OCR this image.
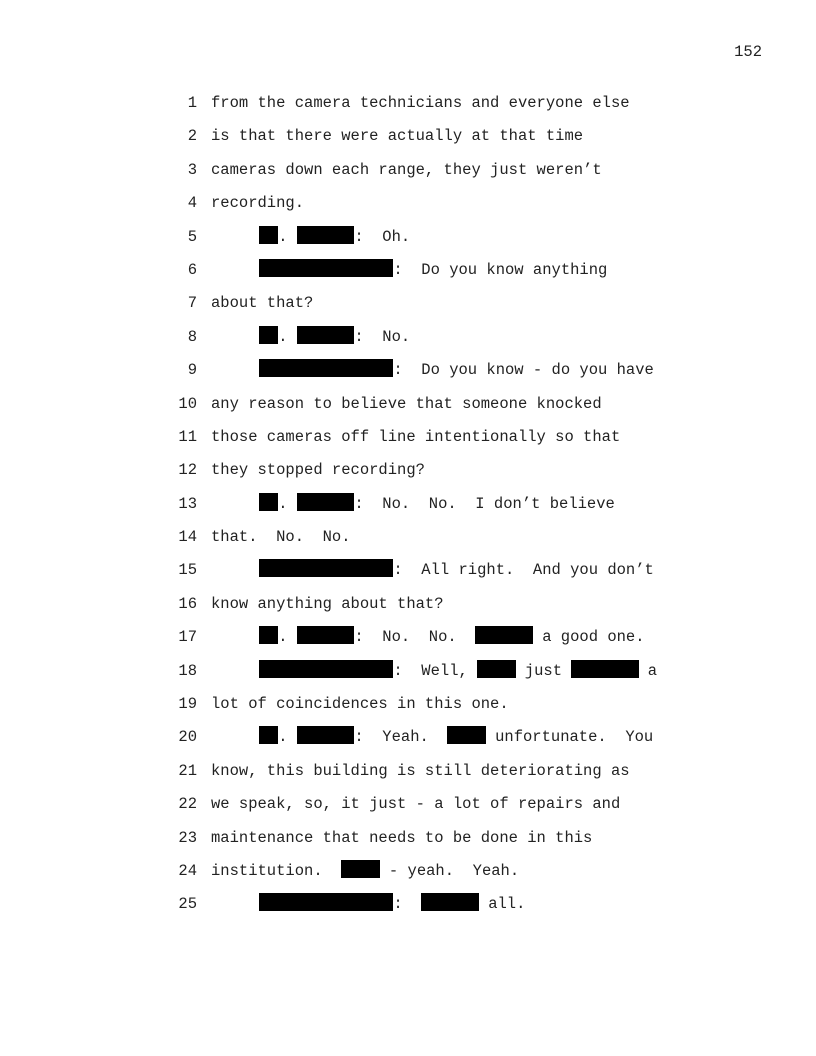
152
1 from the camera technicians and everyone else
2 is that there were actually at that time
3 cameras down each range, they just weren’t
4 recording.
5	.	:  Oh.
6	:  Do you know anything
7 about that?
8	.	:  No.
9	:  Do you know - do you have
10 any reason to believe that someone knocked
11 those cameras off line intentionally so that
12 they stopped recording?
13	.	:  No.  No.  I don’t believe
14 that.  No.  No.
15	:  All right.  And you don’t
16 know anything about that?
17	.	:  No.  No.	a good one.
18	:  Well,  just	a
19 lot of coincidences in this one.
20	.	:  Yeah.   unfortunate.  You
21 know, this building is still deteriorating as
22 we speak, so, it just - a lot of repairs and
23 maintenance that needs to be done in this
24 institution.   - yeah.  Yeah.
25	:	all.
